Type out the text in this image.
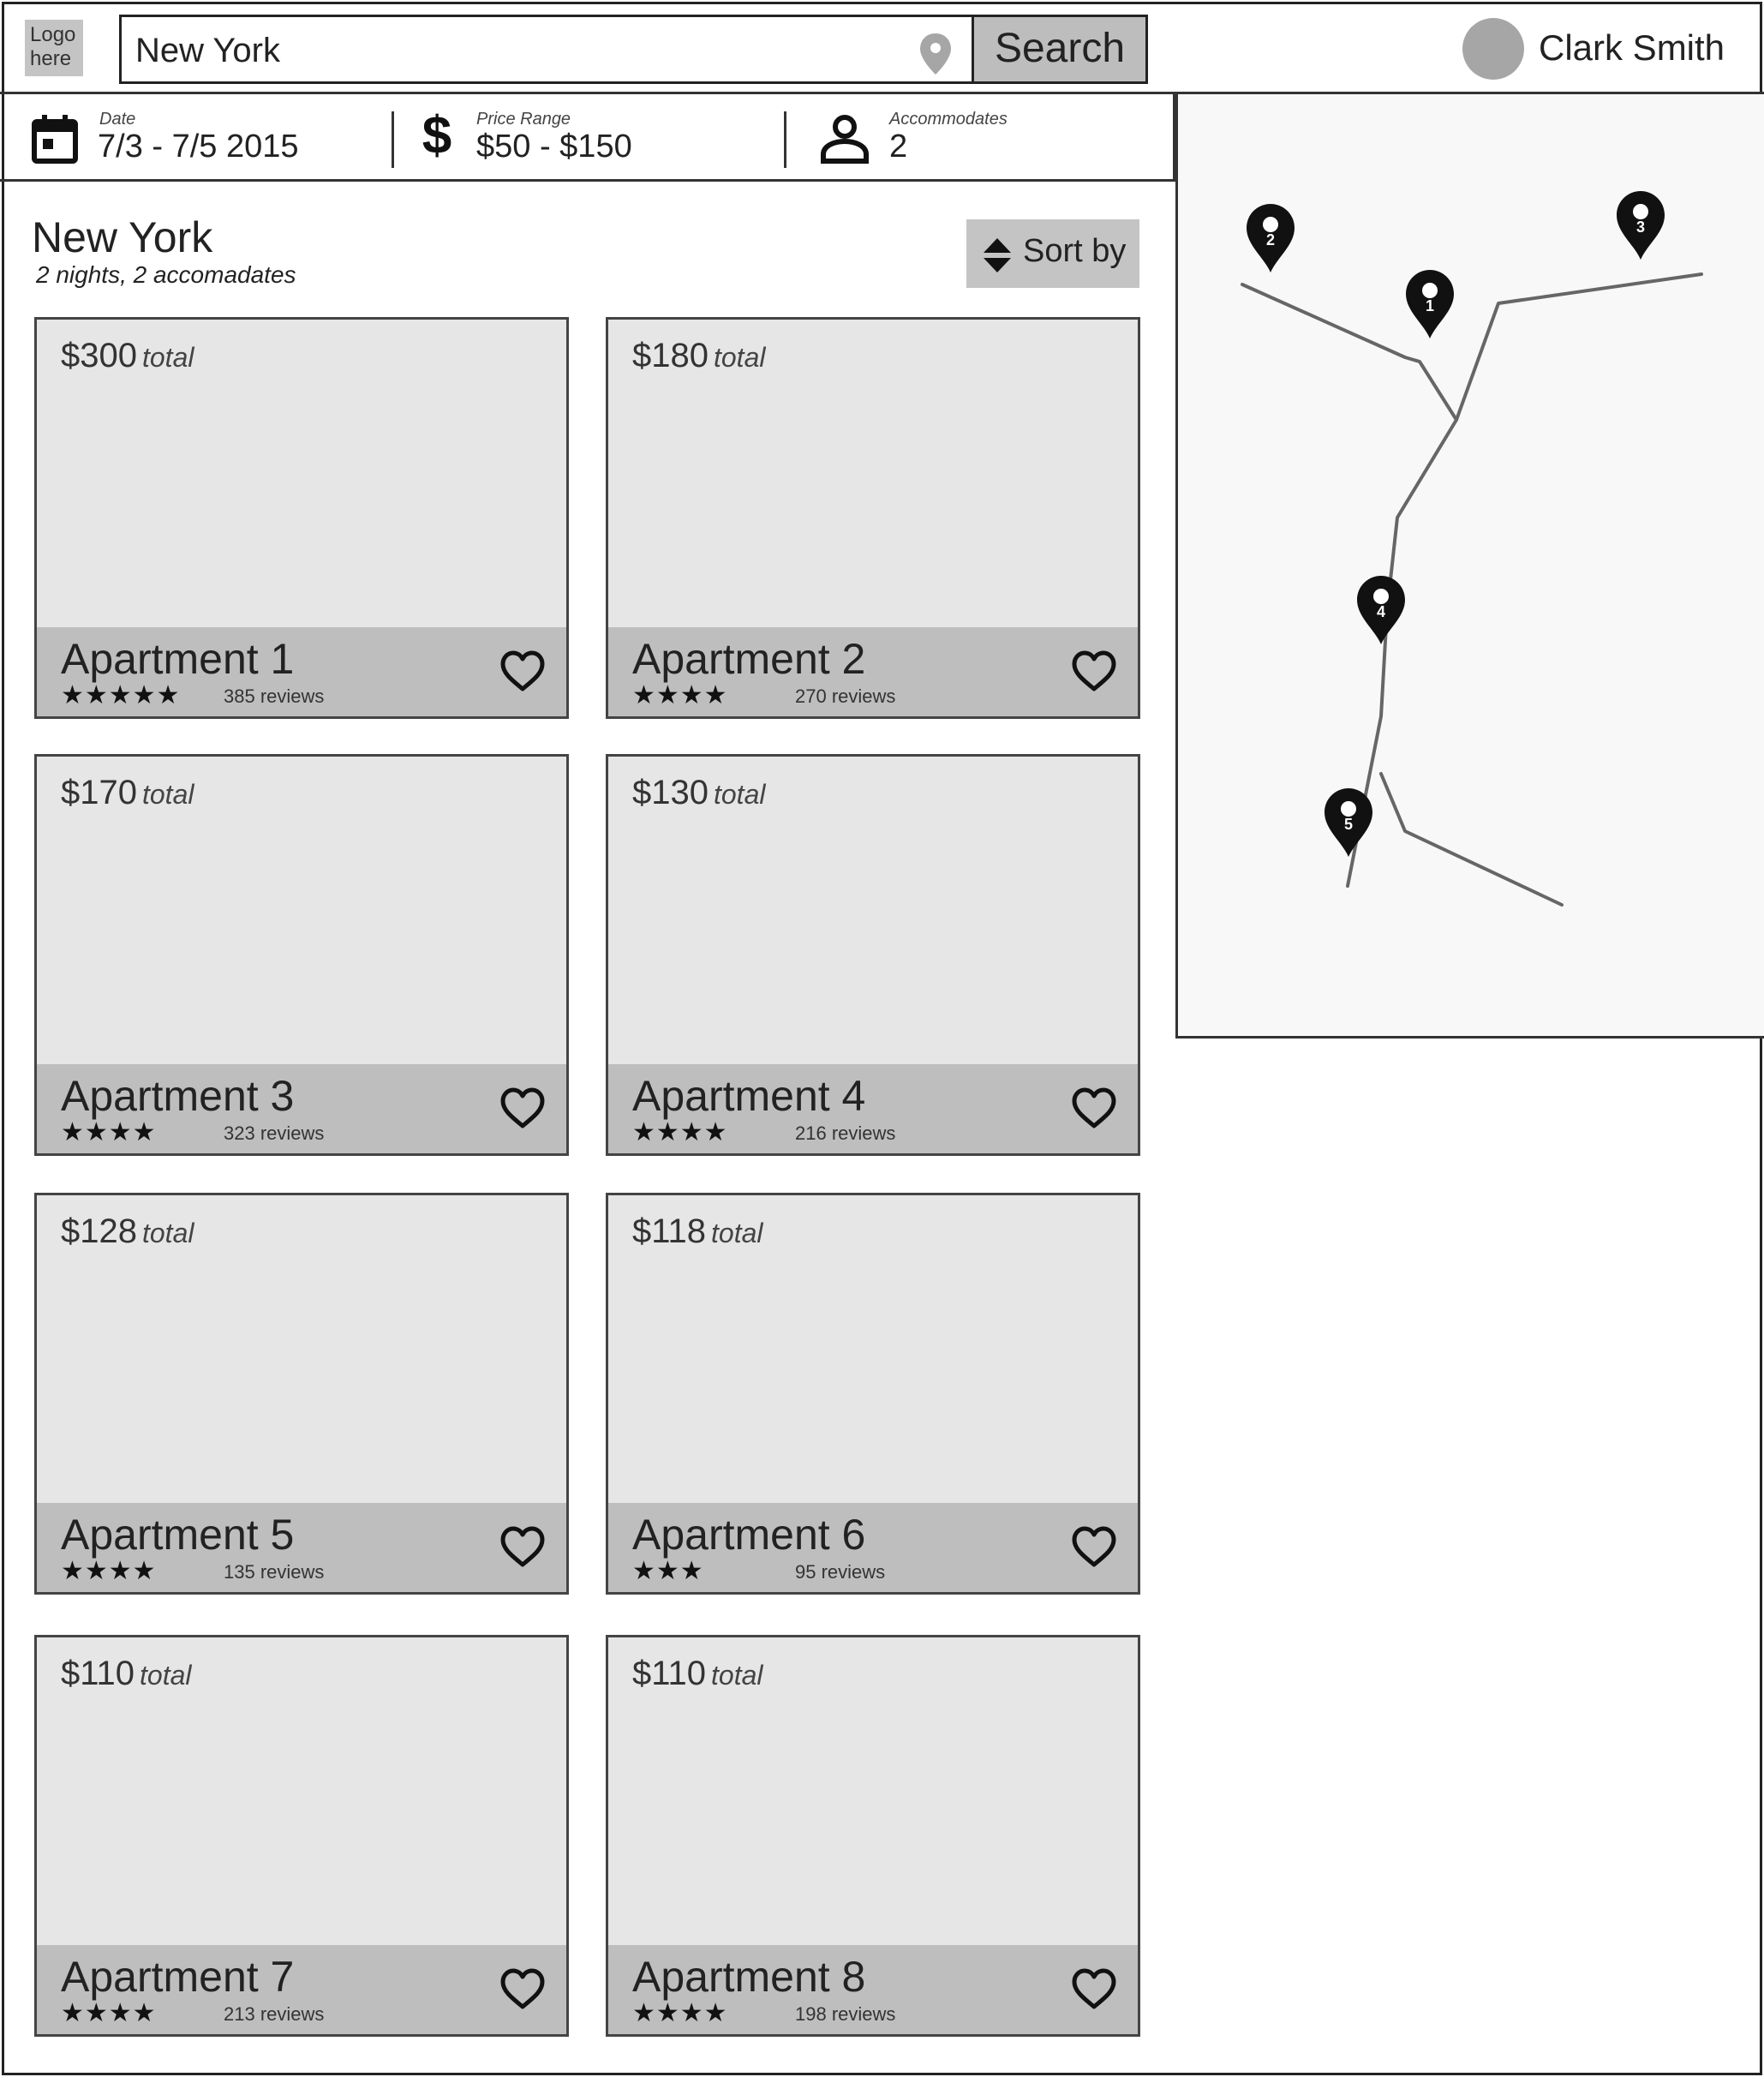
Logo here
New York	Search	Clark Smith
Date
7/3 - 7/5 2015 $ Price Range
$50 - $150
Accommodates
2
New York
2 nights, 2 accomadates
Sort by
$300 total
Apartment 1
★★★★★ 385 reviews
$180 total
Apartment 2
★★★★	270 reviews
$170 total
Apartment 3
★★★★	323 reviews
$130 total
Apartment 4
★★★★	216 reviews
$128 total
Apartment 5
★★★★	135 reviews
$118 total
Apartment 6
★★★	95 reviews
$110 total
Apartment 7
★★★★	213 reviews
$110 total
Apartment 8
★★★★	198 reviews
1
2
3
4
5
